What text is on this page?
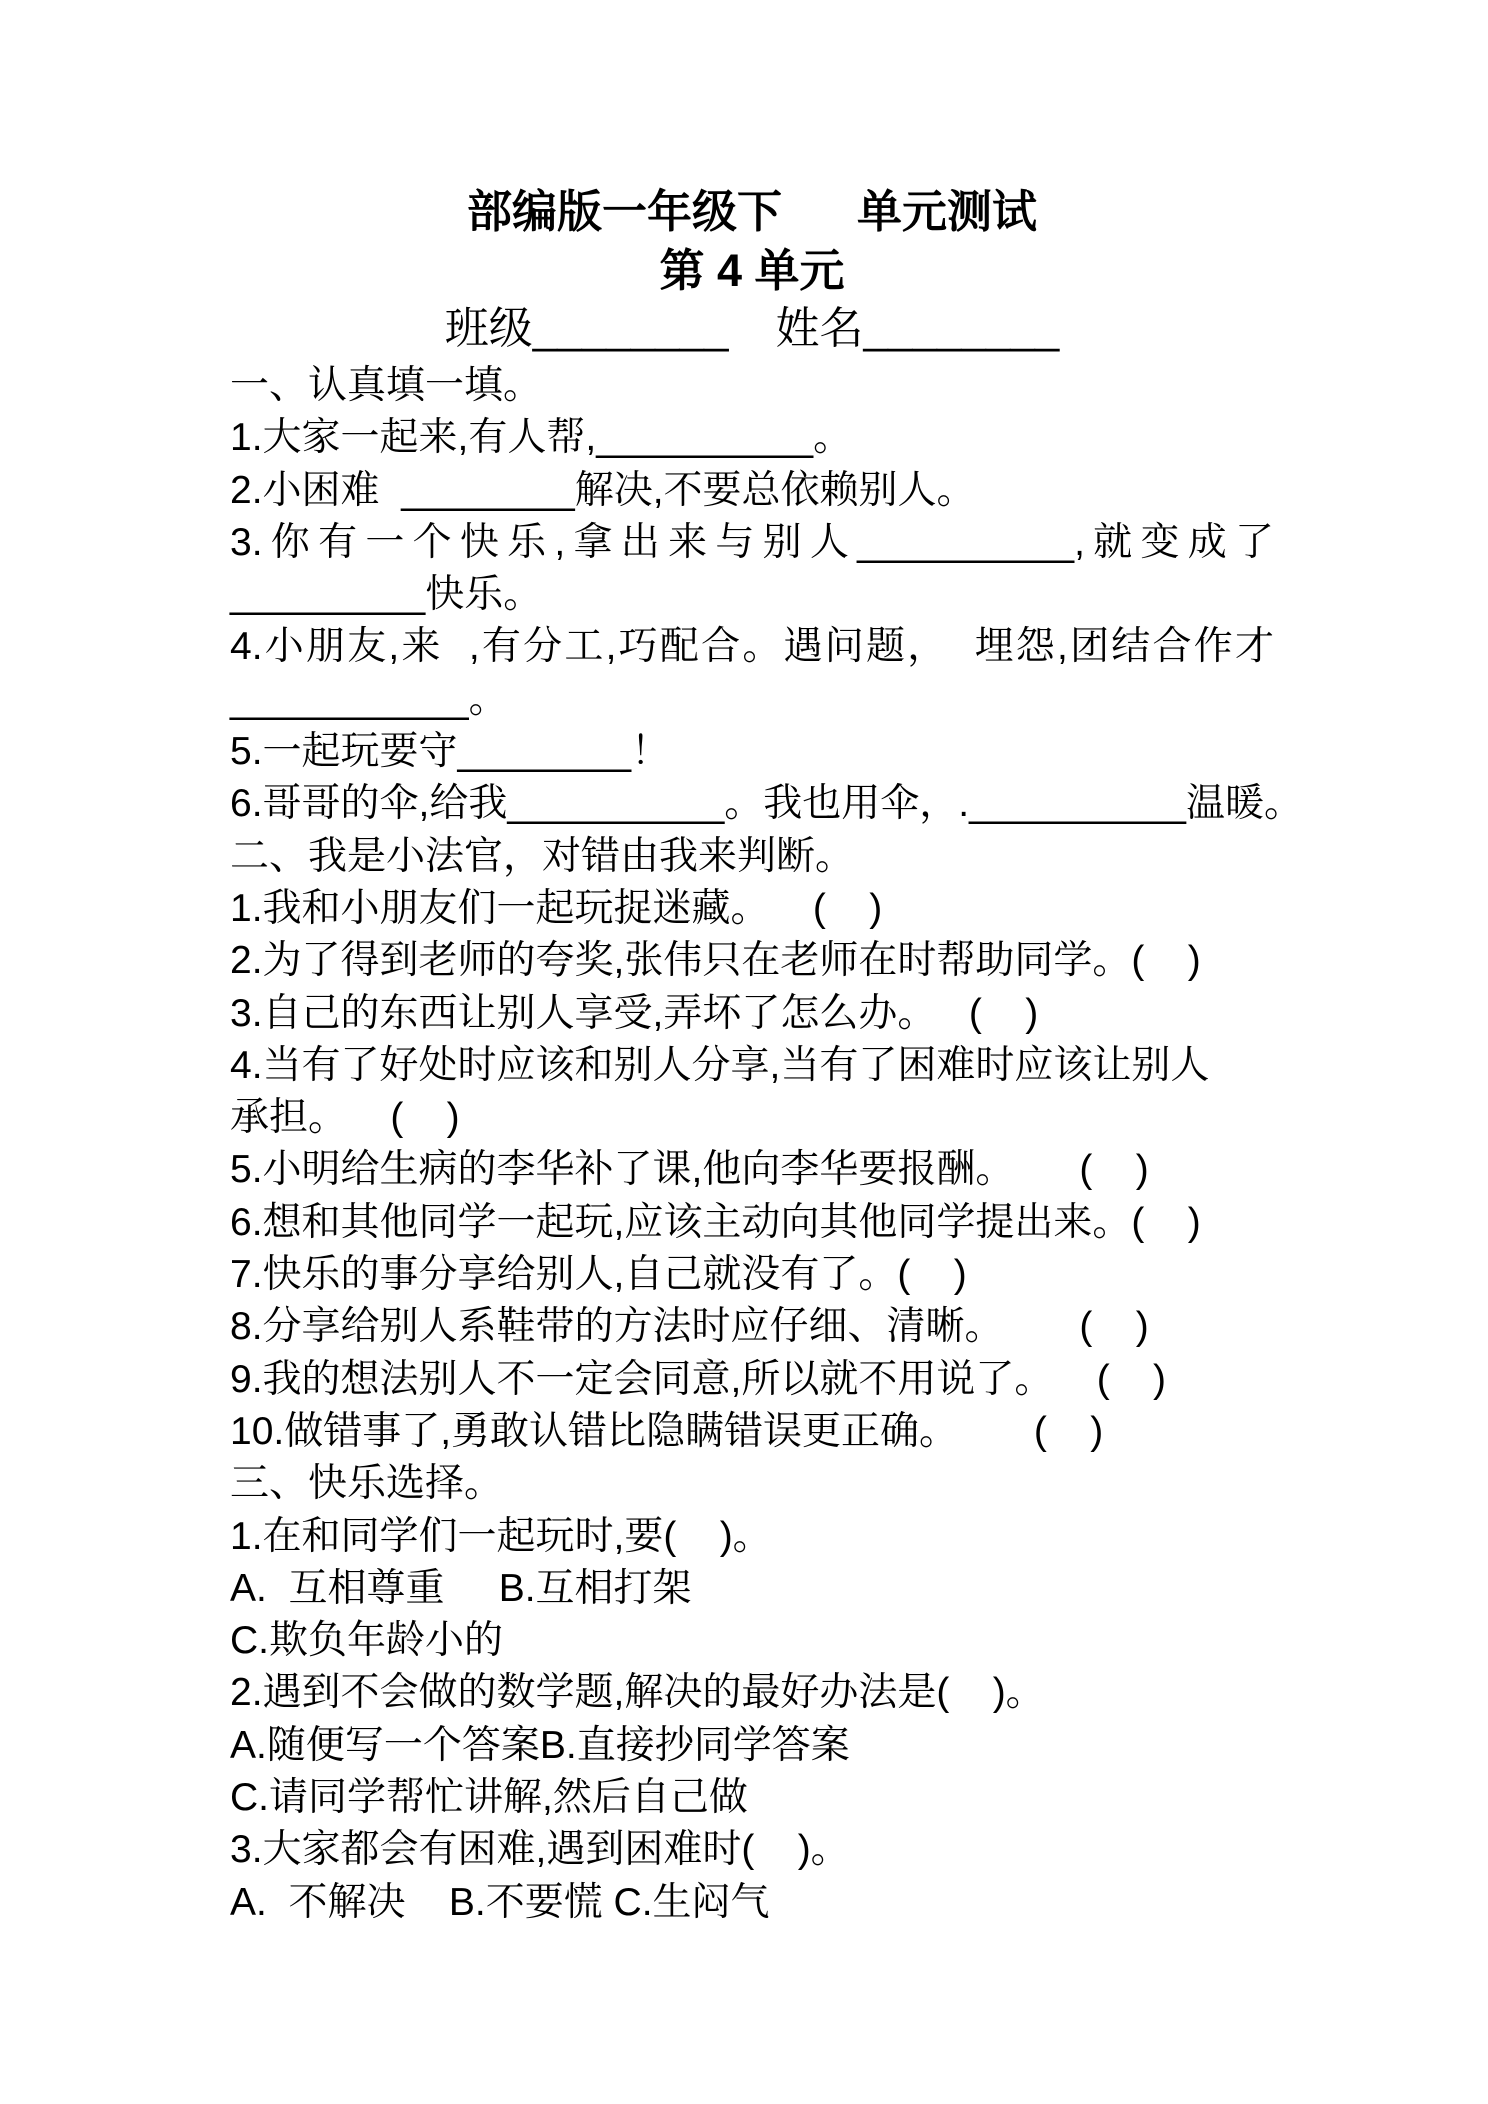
部编版一年级下      单元测试
第 4 单元
班级________ 姓名________
一、认真填一填。
1.大家一起来,有人帮,__________。
2.小困难  ________解决,不要总依赖别人。
3.你有一个快乐,拿出来与别人__________,就变成了
_________快乐。
4.小朋友,来  ,有分工,巧配合。遇问题，  埋怨,团结合作才
___________。
5.一起玩要守________！
6.哥哥的伞,给我__________。我也用伞，.__________温暖。
二、我是小法官，对错由我来判断。
1.我和小朋友们一起玩捉迷藏。    (    )
2.为了得到老师的夸奖,张伟只在老师在时帮助同学。(    )
3.自己的东西让别人享受,弄坏了怎么办。   (    )
4.当有了好处时应该和别人分享,当有了困难时应该让别人
承担。    (    )
5.小明给生病的李华补了课,他向李华要报酬。      (    )
6.想和其他同学一起玩,应该主动向其他同学提出来。(    )
7.快乐的事分享给别人,自己就没有了。(    )
8.分享给别人系鞋带的方法时应仔细、清晰。       (    )
9.我的想法别人不一定会同意,所以就不用说了。    (    )
10.做错事了,勇敢认错比隐瞒错误更正确。       (    )
三、快乐选择。
1.在和同学们一起玩时,要(    )。
A.  互相尊重     B.互相打架
C.欺负年龄小的
2.遇到不会做的数学题,解决的最好办法是(    )。
A.随便写一个答案B.直接抄同学答案
C.请同学帮忙讲解,然后自己做
3.大家都会有困难,遇到困难时(    )。
A.  不解决    B.不要慌 C.生闷气
